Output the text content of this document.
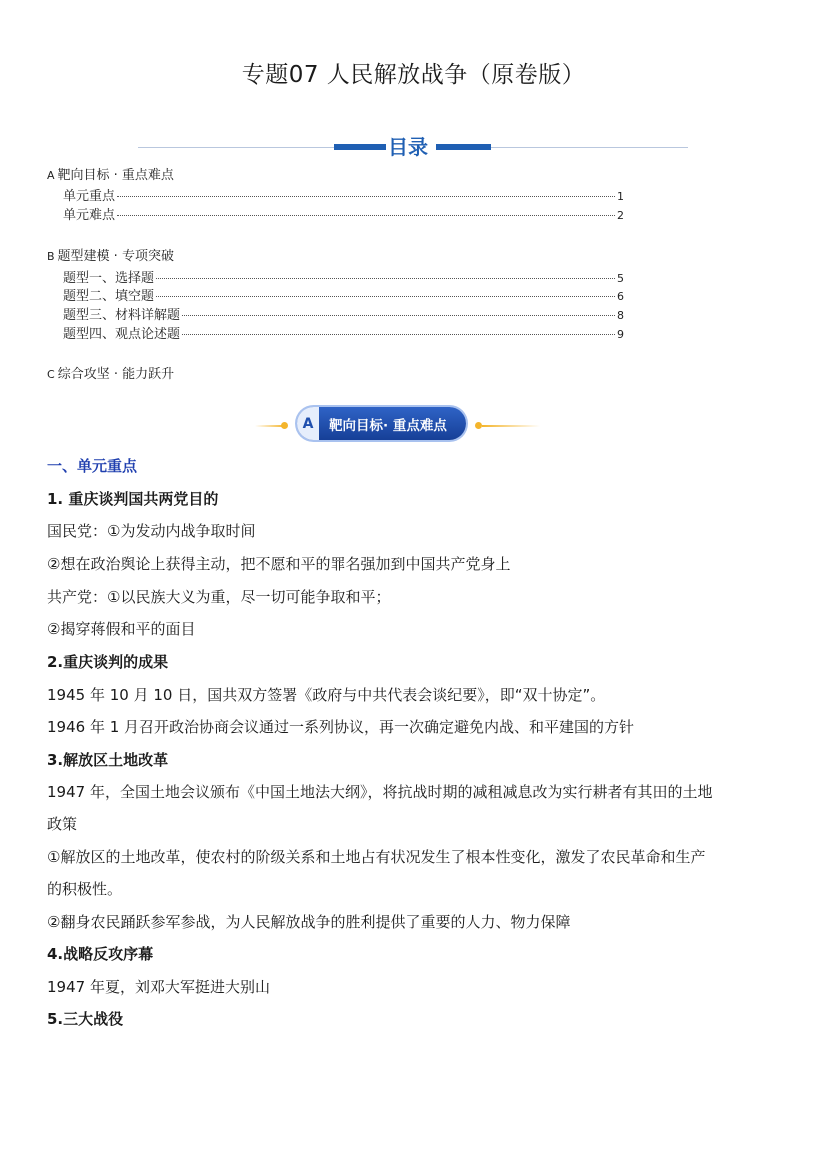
专题07 人民解放战争（原卷版）
目录
A 靶向目标 · 重点难点
单元重点	1
单元难点	2
B 题型建模 · 专项突破
题型一、选择题	5
题型二、填空题	6
题型三、材料详解题	8
题型四、观点论述题	9
C 综合攻坚 · 能力跃升
A	靶向目标· 重点难点
一、单元重点
1. 重庆谈判国共两党目的
国民党：①为发动内战争取时间
②想在政治舆论上获得主动，把不愿和平的罪名强加到中国共产党身上
共产党：①以民族大义为重，尽一切可能争取和平；
②揭穿蒋假和平的面目
2.重庆谈判的成果
1945 年 10 月 10 日，国共双方签署《政府与中共代表会谈纪要》，即“双十协定”。
1946 年 1 月召开政治协商会议通过一系列协议，再一次确定避免内战、和平建国的方针
3.解放区土地改革
1947 年，全国土地会议颁布《中国土地法大纲》，将抗战时期的减租减息改为实行耕者有其田的土地
政策
①解放区的土地改革，使农村的阶级关系和土地占有状况发生了根本性变化，激发了农民革命和生产
的积极性。
②翻身农民踊跃参军参战，为人民解放战争的胜利提供了重要的人力、物力保障
4.战略反攻序幕
1947 年夏，刘邓大军挺进大别山
5.三大战役
